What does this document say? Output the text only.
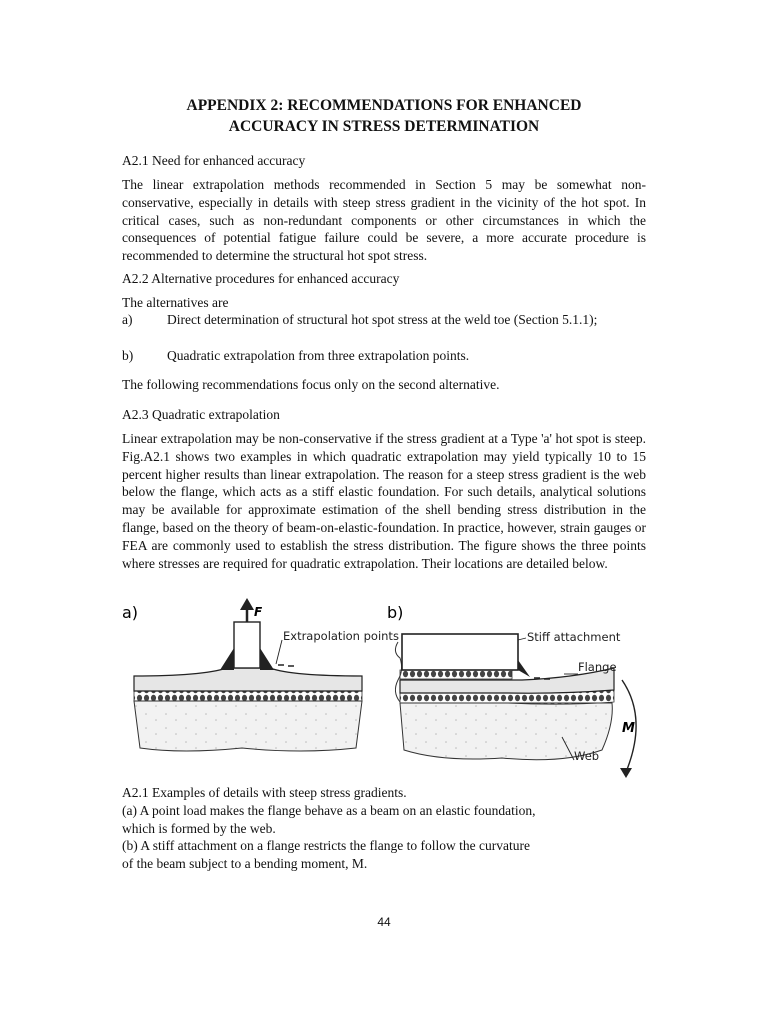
APPENDIX 2: RECOMMENDATIONS FOR ENHANCED
ACCURACY IN STRESS DETERMINATION
A2.1 Need for enhanced accuracy
The linear extrapolation methods recommended in Section 5 may be somewhat non-conservative, especially in details with steep stress gradient in the vicinity of the hot spot. In critical cases, such as non-redundant components or other circumstances in which the consequences of potential fatigue failure could be severe, a more accurate procedure is recommended to determine the structural hot spot stress.
A2.2 Alternative procedures for enhanced accuracy
The alternatives are
a)	Direct determination of structural hot spot stress at the weld toe (Section 5.1.1);
b)	Quadratic extrapolation from three extrapolation points.
The following recommendations focus only on the second alternative.
A2.3 Quadratic extrapolation
Linear extrapolation may be non-conservative if the stress gradient at a Type 'a' hot spot is steep. Fig.A2.1 shows two examples in which quadratic extrapolation may yield typically 10 to 15 percent higher results than linear extrapolation. The reason for a steep stress gradient is the web below the flange, which acts as a stiff elastic foundation. For such details, analytical solutions may be available for approximate estimation of the shell bending stress distribution in the flange, based on the theory of beam-on-elastic-foundation. In practice, however, strain gauges or FEA are commonly used to establish the stress distribution. The figure shows the three points where stresses are required for quadratic extrapolation. Their locations are detailed below.
a)	F
Extrapolation points
b)
Stiff attachment
Flange
Web
M
A2.1 Examples of details with steep stress gradients.
(a) A point load makes the flange behave as a beam on an elastic foundation,
which is formed by the web.
(b) A stiff attachment on a flange restricts the flange to follow the curvature
of the beam subject to a bending moment, M.
44
